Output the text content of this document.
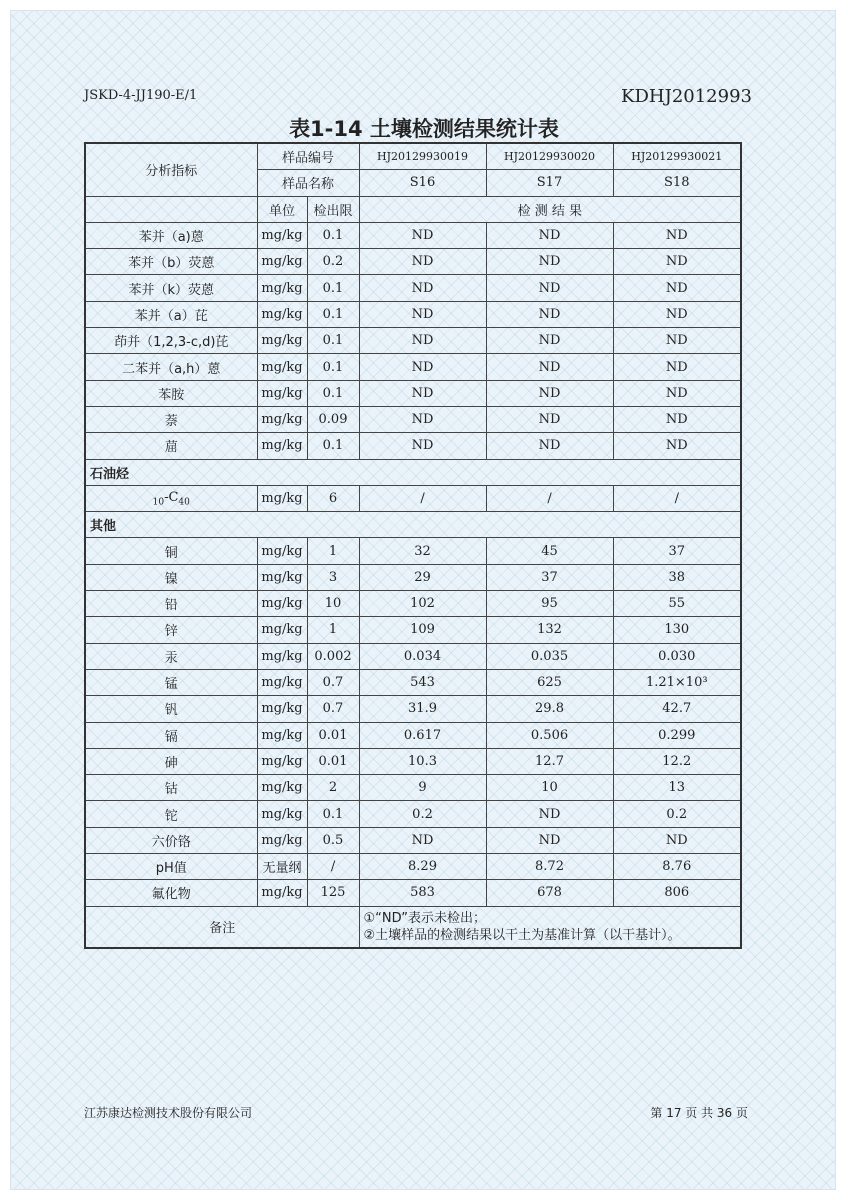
JSKD-4-JJ190-E/1	KDHJ2012993
表1-14 土壤检测结果统计表
分析指标	样品编号		HJ20129930019	HJ20129930020	HJ20129930021
	样品名称		S16	S17	S18
	单位	检出限	检 测 结 果		
苯并（a)蒽	mg/kg	0.1	ND	ND	ND
苯并（b）荧蒽	mg/kg	0.2	ND	ND	ND
苯并（k）荧蒽	mg/kg	0.1	ND	ND	ND
苯并（a）芘	mg/kg	0.1	ND	ND	ND
茚并（1,2,3-c,d)芘	mg/kg	0.1	ND	ND	ND
二苯并（a,h）蒽	mg/kg	0.1	ND	ND	ND
苯胺	mg/kg	0.1	ND	ND	ND
萘	mg/kg	0.09	ND	ND	ND
䓛	mg/kg	0.1	ND	ND	ND
石油烃					
$_{10}-C_{40}$	mg/kg	6	/	/	/
其他					
铜	mg/kg	1	32	45	37
镍	mg/kg	3	29	37	38
铅	mg/kg	10	102	95	55
锌	mg/kg	1	109	132	130
汞	mg/kg	0.002	0.034	0.035	0.030
锰	mg/kg	0.7	543	625	1.21×10³
钒	mg/kg	0.7	31.9	29.8	42.7
镉	mg/kg	0.01	0.617	0.506	0.299
砷	mg/kg	0.01	10.3	12.7	12.2
钴	mg/kg	2	9	10	13
铊	mg/kg	0.1	0.2	ND	0.2
六价铬	mg/kg	0.5	ND	ND	ND
pH值	无量纲	/	8.29	8.72	8.76
氟化物	mg/kg	125	583	678	806
备注			①“ND”表示未检出；
②土壤样品的检测结果以干土为基准计算（以干基计）。		
江苏康达检测技术股份有限公司	第 17 页 共 36 页
